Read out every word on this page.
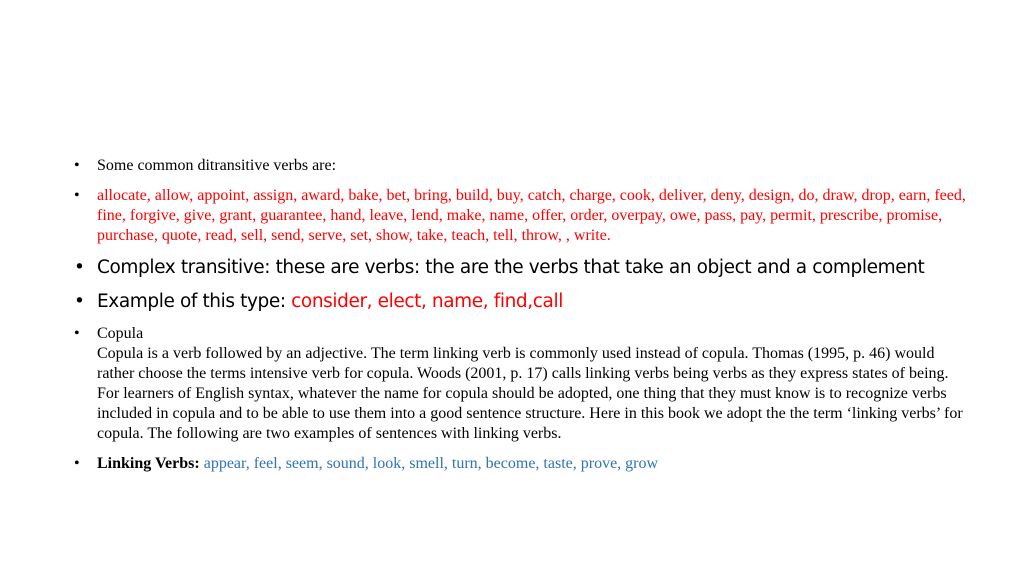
• Some common ditransitive verbs are:
• allocate, allow, appoint, assign, award, bake, bet, bring, build, buy, catch, charge, cook, deliver, deny, design, do, draw, drop, earn, feed, fine, forgive, give, grant, guarantee, hand, leave, lend, make, name, offer, order, overpay, owe, pass, pay, permit, prescribe, promise, purchase, quote, read, sell, send, serve, set, show, take, teach, tell, throw, , write.
• Complex transitive: these are verbs: the are the verbs that take an object and a complement
• Example of this type: consider, elect, name, find,call
• Copula
Copula is a verb followed by an adjective. The term linking verb is commonly used instead of copula. Thomas (1995, p. 46) would rather choose the terms intensive verb for copula. Woods (2001, p. 17) calls linking verbs being verbs as they express states of being. For learners of English syntax, whatever the name for copula should be adopted, one thing that they must know is to recognize verbs included in copula and to be able to use them into a good sentence structure. Here in this book we adopt the the term ‘linking verbs’ for copula. The following are two examples of sentences with linking verbs.
• Linking Verbs: appear, feel, seem, sound, look, smell, turn, become, taste, prove, grow
